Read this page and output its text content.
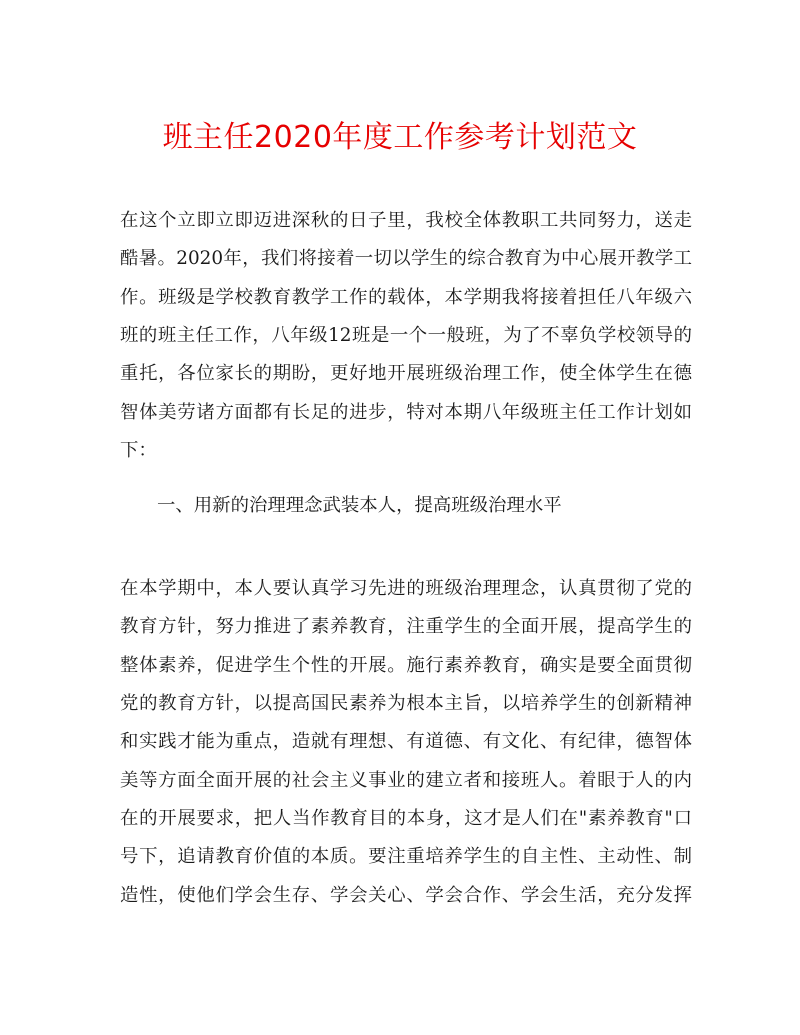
班主任2020年度工作参考计划范文
在这个立即立即迈进深秋的日子里，我校全体教职工共同努力，送走
酷暑。2020年，我们将接着一切以学生的综合教育为中心展开教学工
作。班级是学校教育教学工作的载体，本学期我将接着担任八年级六
班的班主任工作，八年级12班是一个一般班，为了不辜负学校领导的
重托，各位家长的期盼，更好地开展班级治理工作，使全体学生在德
智体美劳诸方面都有长足的进步，特对本期八年级班主任工作计划如
下：
一、用新的治理理念武装本人，提高班级治理水平
在本学期中，本人要认真学习先进的班级治理理念，认真贯彻了党的
教育方针，努力推进了素养教育，注重学生的全面开展，提高学生的
整体素养，促进学生个性的开展。施行素养教育，确实是要全面贯彻
党的教育方针，以提高国民素养为根本主旨，以培养学生的创新精神
和实践才能为重点，造就有理想、有道德、有文化、有纪律，德智体
美等方面全面开展的社会主义事业的建立者和接班人。着眼于人的内
在的开展要求，把人当作教育目的本身，这才是人们在"素养教育"口
号下，追请教育价值的本质。要注重培养学生的自主性、主动性、制
造性，使他们学会生存、学会关心、学会合作、学会生活，充分发挥
